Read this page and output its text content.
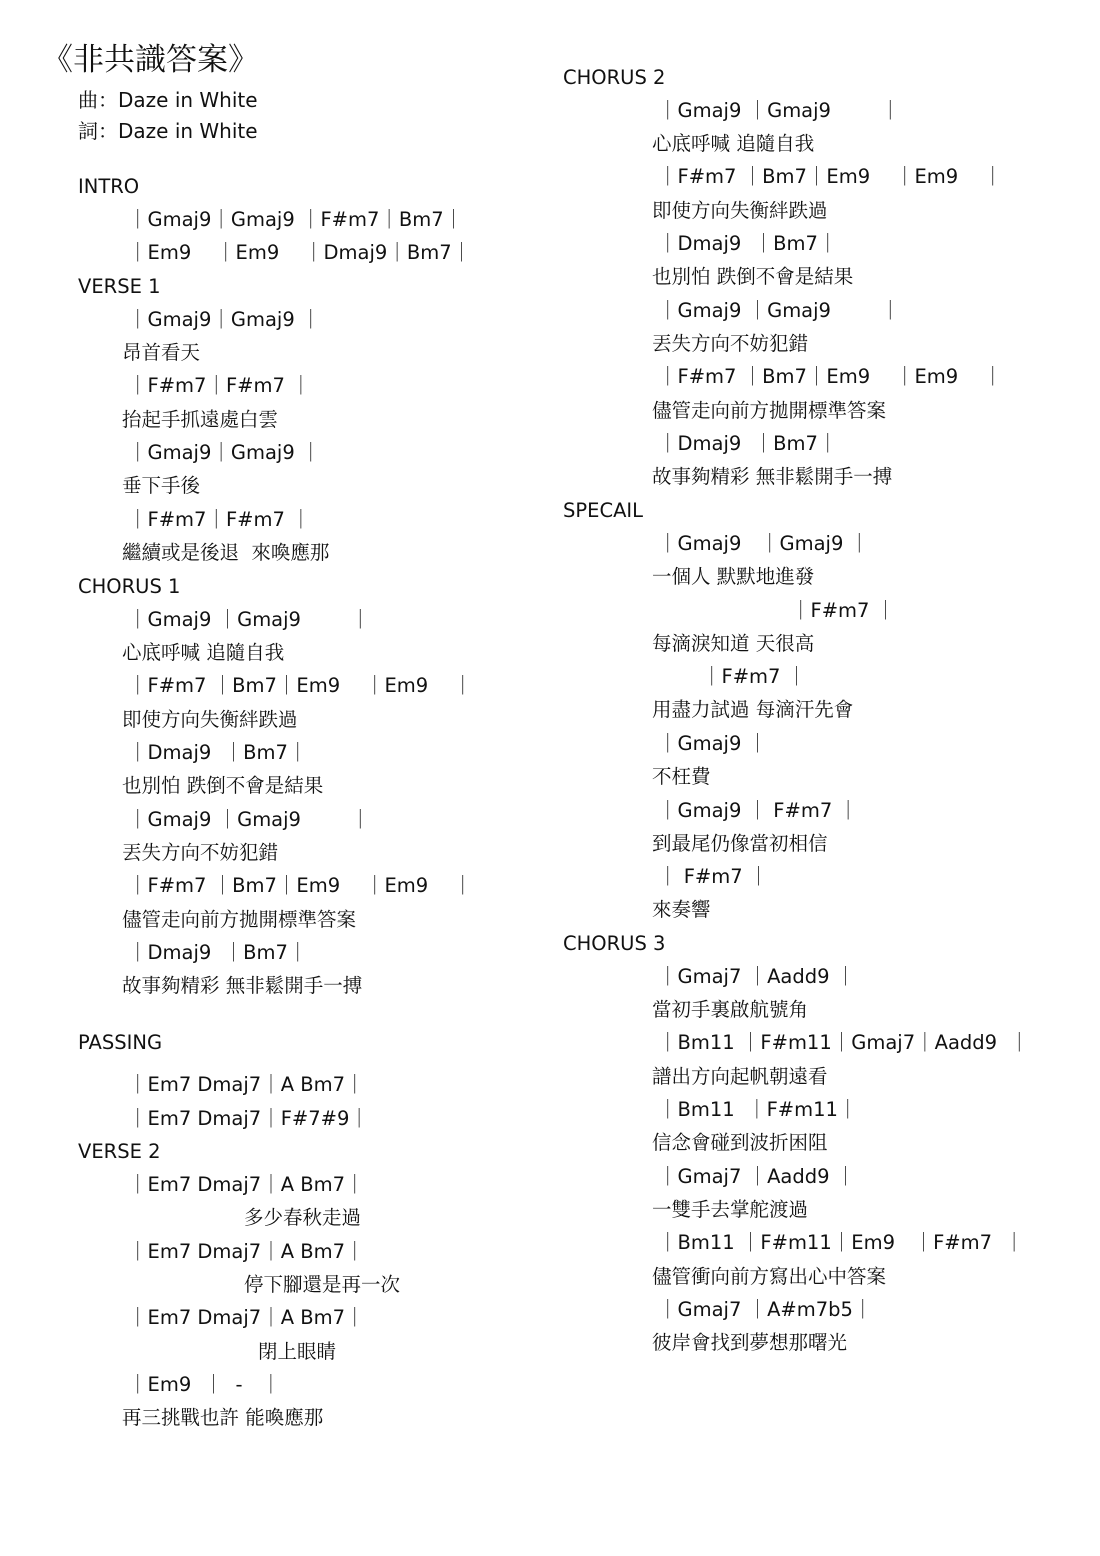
《非共識答案》
曲：Daze in White
詞：Daze in White
INTRO
｜Gmaj9｜Gmaj9 ｜F#m7｜Bm7｜
｜Em9    ｜Em9    ｜Dmaj9｜Bm7｜
VERSE 1
｜Gmaj9｜Gmaj9 ｜
昂首看天
｜F#m7｜F#m7 ｜
抬起手抓遠處白雲
｜Gmaj9｜Gmaj9 ｜
垂下手後
｜F#m7｜F#m7 ｜
繼續或是後退  來喚應那
CHORUS 1
｜Gmaj9 ｜Gmaj9        ｜
心底呼喊 追隨自我
｜F#m7 ｜Bm7｜Em9    ｜Em9    ｜
即使方向失衡絆跌過
｜Dmaj9  ｜Bm7｜
也別怕 跌倒不會是結果
｜Gmaj9 ｜Gmaj9        ｜
丟失方向不妨犯錯
｜F#m7 ｜Bm7｜Em9    ｜Em9    ｜
儘管走向前方拋開標準答案
｜Dmaj9  ｜Bm7｜
故事夠精彩 無非鬆開手一搏
PASSING
｜Em7 Dmaj7｜A Bm7｜
｜Em7 Dmaj7｜F#7#9｜
VERSE 2
｜Em7 Dmaj7｜A Bm7｜
多少春秋走過
｜Em7 Dmaj7｜A Bm7｜
停下腳還是再一次
｜Em7 Dmaj7｜A Bm7｜
閉上眼睛
｜Em9  ｜  -   ｜
再三挑戰也許 能喚應那
CHORUS 2
｜Gmaj9 ｜Gmaj9        ｜
心底呼喊 追隨自我
｜F#m7 ｜Bm7｜Em9    ｜Em9    ｜
即使方向失衡絆跌過
｜Dmaj9  ｜Bm7｜
也別怕 跌倒不會是結果
｜Gmaj9 ｜Gmaj9        ｜
丟失方向不妨犯錯
｜F#m7 ｜Bm7｜Em9    ｜Em9    ｜
儘管走向前方拋開標準答案
｜Dmaj9  ｜Bm7｜
故事夠精彩 無非鬆開手一搏
SPECAIL
｜Gmaj9   ｜Gmaj9 ｜
一個人 默默地進發
｜F#m7 ｜
每滴淚知道 天很高
｜F#m7 ｜
用盡力試過 每滴汗先會
｜Gmaj9 ｜
不枉費
｜Gmaj9 ｜ F#m7 ｜
到最尾仍像當初相信
｜ F#m7 ｜
來奏響
CHORUS 3
｜Gmaj7 ｜Aadd9 ｜
當初手裏啟航號角
｜Bm11 ｜F#m11｜Gmaj7｜Aadd9  ｜
譜出方向起帆朝遠看
｜Bm11  ｜F#m11｜
信念會碰到波折困阻
｜Gmaj7 ｜Aadd9 ｜
一雙手去掌舵渡過
｜Bm11 ｜F#m11｜Em9   ｜F#m7  ｜
儘管衝向前方寫出心中答案
｜Gmaj7 ｜A#m7b5｜
彼岸會找到夢想那曙光
